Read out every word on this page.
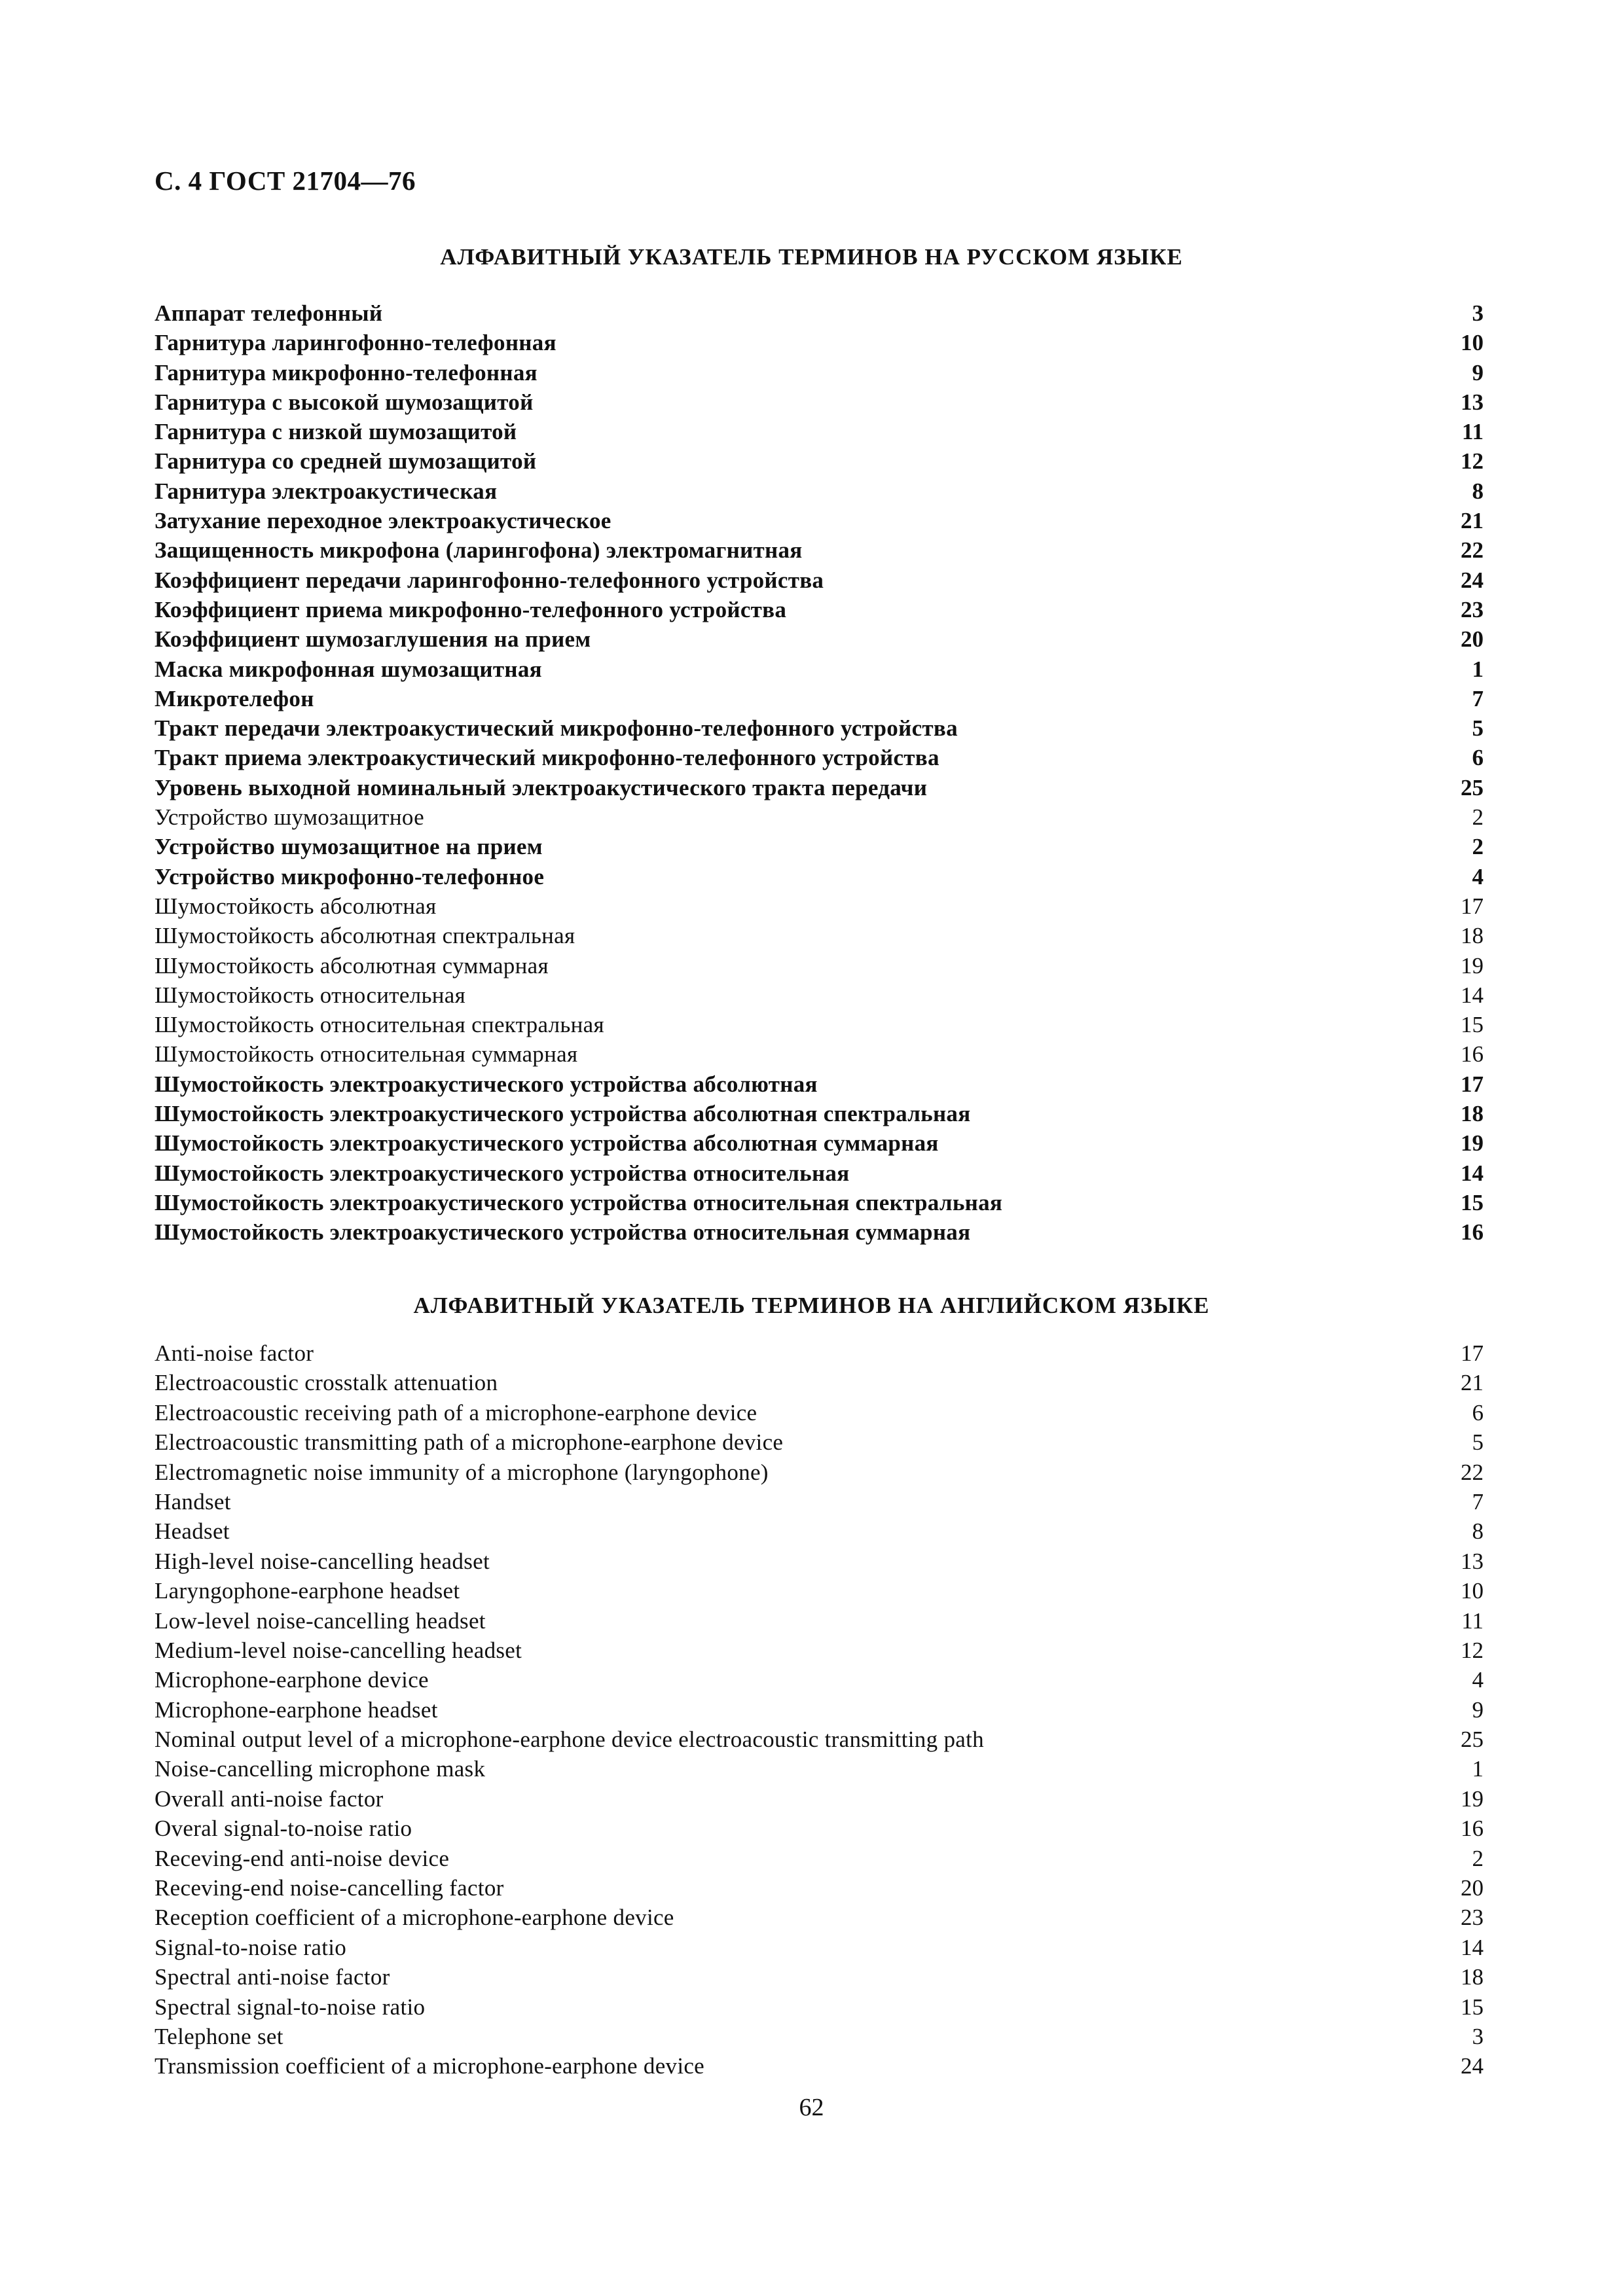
С. 4 ГОСТ 21704—76
АЛФАВИТНЫЙ УКАЗАТЕЛЬ ТЕРМИНОВ НА РУССКОМ ЯЗЫКЕ
Аппарат телефонный	3
Гарнитура ларингофонно-телефонная	10
Гарнитура микрофонно-телефонная	9
Гарнитура с высокой шумозащитой	13
Гарнитура с низкой шумозащитой	11
Гарнитура со средней шумозащитой	12
Гарнитура электроакустическая	8
Затухание переходное электроакустическое	21
Защищенность микрофона (ларингофона) электромагнитная	22
Коэффициент передачи ларингофонно-телефонного устройства	24
Коэффициент приема микрофонно-телефонного устройства	23
Коэффициент шумозаглушения на прием	20
Маска микрофонная шумозащитная	1
Микротелефон	7
Тракт передачи электроакустический микрофонно-телефонного устройства	5
Тракт приема электроакустический микрофонно-телефонного устройства	6
Уровень выходной номинальный электроакустического тракта передачи	25
Устройство шумозащитное	2
Устройство шумозащитное на прием	2
Устройство микрофонно-телефонное	4
Шумостойкость абсолютная	17
Шумостойкость абсолютная спектральная	18
Шумостойкость абсолютная суммарная	19
Шумостойкость относительная	14
Шумостойкость относительная спектральная	15
Шумостойкость относительная суммарная	16
Шумостойкость электроакустического устройства абсолютная	17
Шумостойкость электроакустического устройства абсолютная спектральная	18
Шумостойкость электроакустического устройства абсолютная суммарная	19
Шумостойкость электроакустического устройства относительная	14
Шумостойкость электроакустического устройства относительная спектральная	15
Шумостойкость электроакустического устройства относительная суммарная	16
АЛФАВИТНЫЙ УКАЗАТЕЛЬ ТЕРМИНОВ НА АНГЛИЙСКОМ ЯЗЫКЕ
Anti-noise factor	17
Electroacoustic crosstalk attenuation	21
Electroacoustic receiving path of a microphone-earphone device	6
Electroacoustic transmitting path of a microphone-earphone device	5
Electromagnetic noise immunity of a microphone (laryngophone)	22
Handset	7
Headset	8
High-level noise-cancelling headset	13
Laryngophone-earphone headset	10
Low-level noise-cancelling headset	11
Medium-level noise-cancelling headset	12
Microphone-earphone device	4
Microphone-earphone headset	9
Nominal output level of a microphone-earphone device electroacoustic transmitting path	25
Noise-cancelling microphone mask	1
Overall anti-noise factor	19
Overal signal-to-noise ratio	16
Receving-end anti-noise device	2
Receving-end noise-cancelling factor	20
Reception coefficient of a microphone-earphone device	23
Signal-to-noise ratio	14
Spectral anti-noise factor	18
Spectral signal-to-noise ratio	15
Telephone set	3
Transmission coefficient of a microphone-earphone device	24
62
